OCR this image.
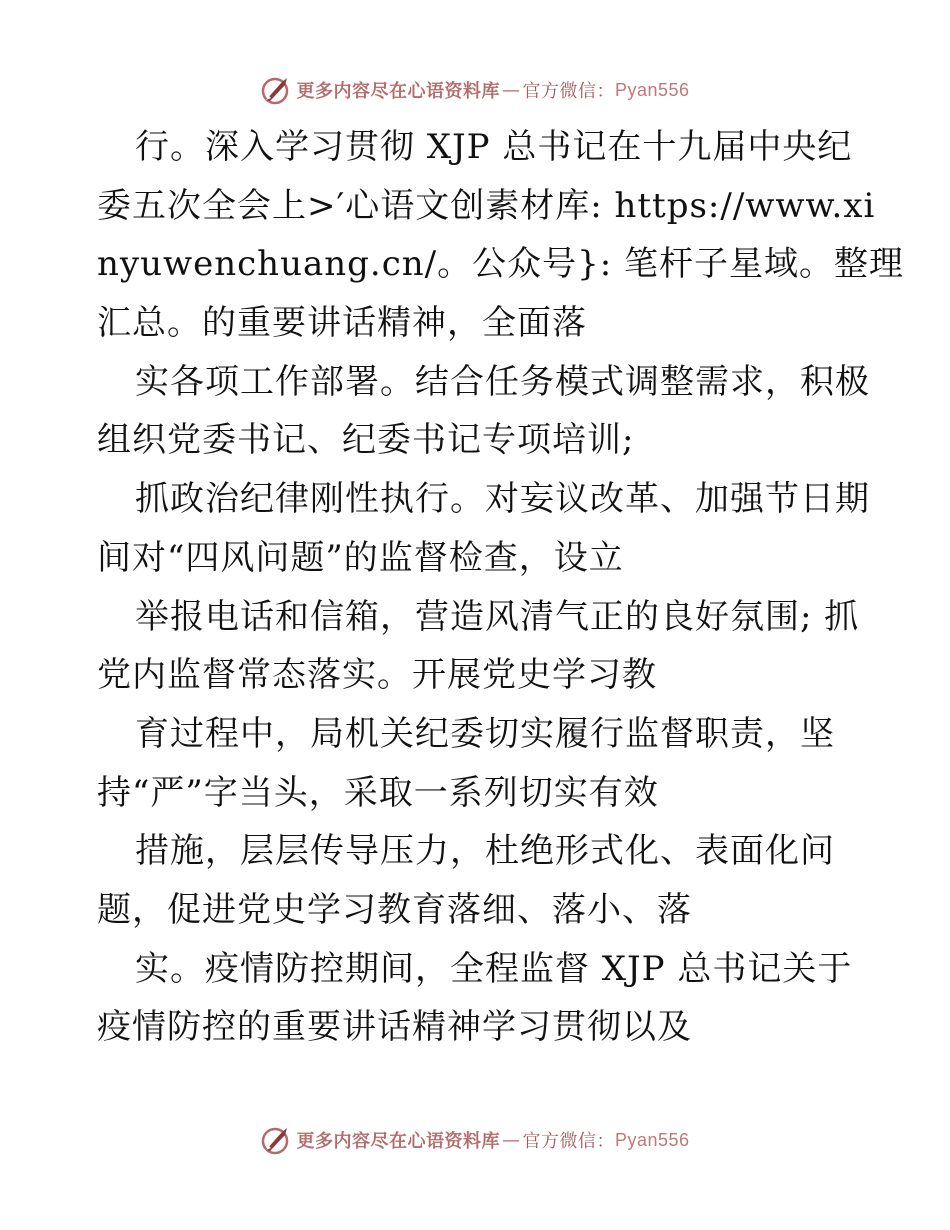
更多内容尽在心语资料库 — 官方微信： Pyan556
行。深入学习贯彻 XJP 总书记在十九届中央纪
委五次全会上>′心语文创素材库: https://www.xi
nyuwenchuang.cn/。公众号}: 笔杆子星域。整理
汇总。的重要讲话精神，全面落
实各项工作部署。结合任务模式调整需求，积极
组织党委书记、纪委书记专项培训;
抓政治纪律刚性执行。对妄议改革、加强节日期
间对“四风问题”的监督检查，设立
举报电话和信箱，营造风清气正的良好氛围; 抓
党内监督常态落实。开展党史学习教
育过程中，局机关纪委切实履行监督职责，坚
持“严”字当头，采取一系列切实有效
措施，层层传导压力，杜绝形式化、表面化问
题，促进党史学习教育落细、落小、落
实。疫情防控期间，全程监督 XJP 总书记关于
疫情防控的重要讲话精神学习贯彻以及
更多内容尽在心语资料库 — 官方微信： Pyan556
